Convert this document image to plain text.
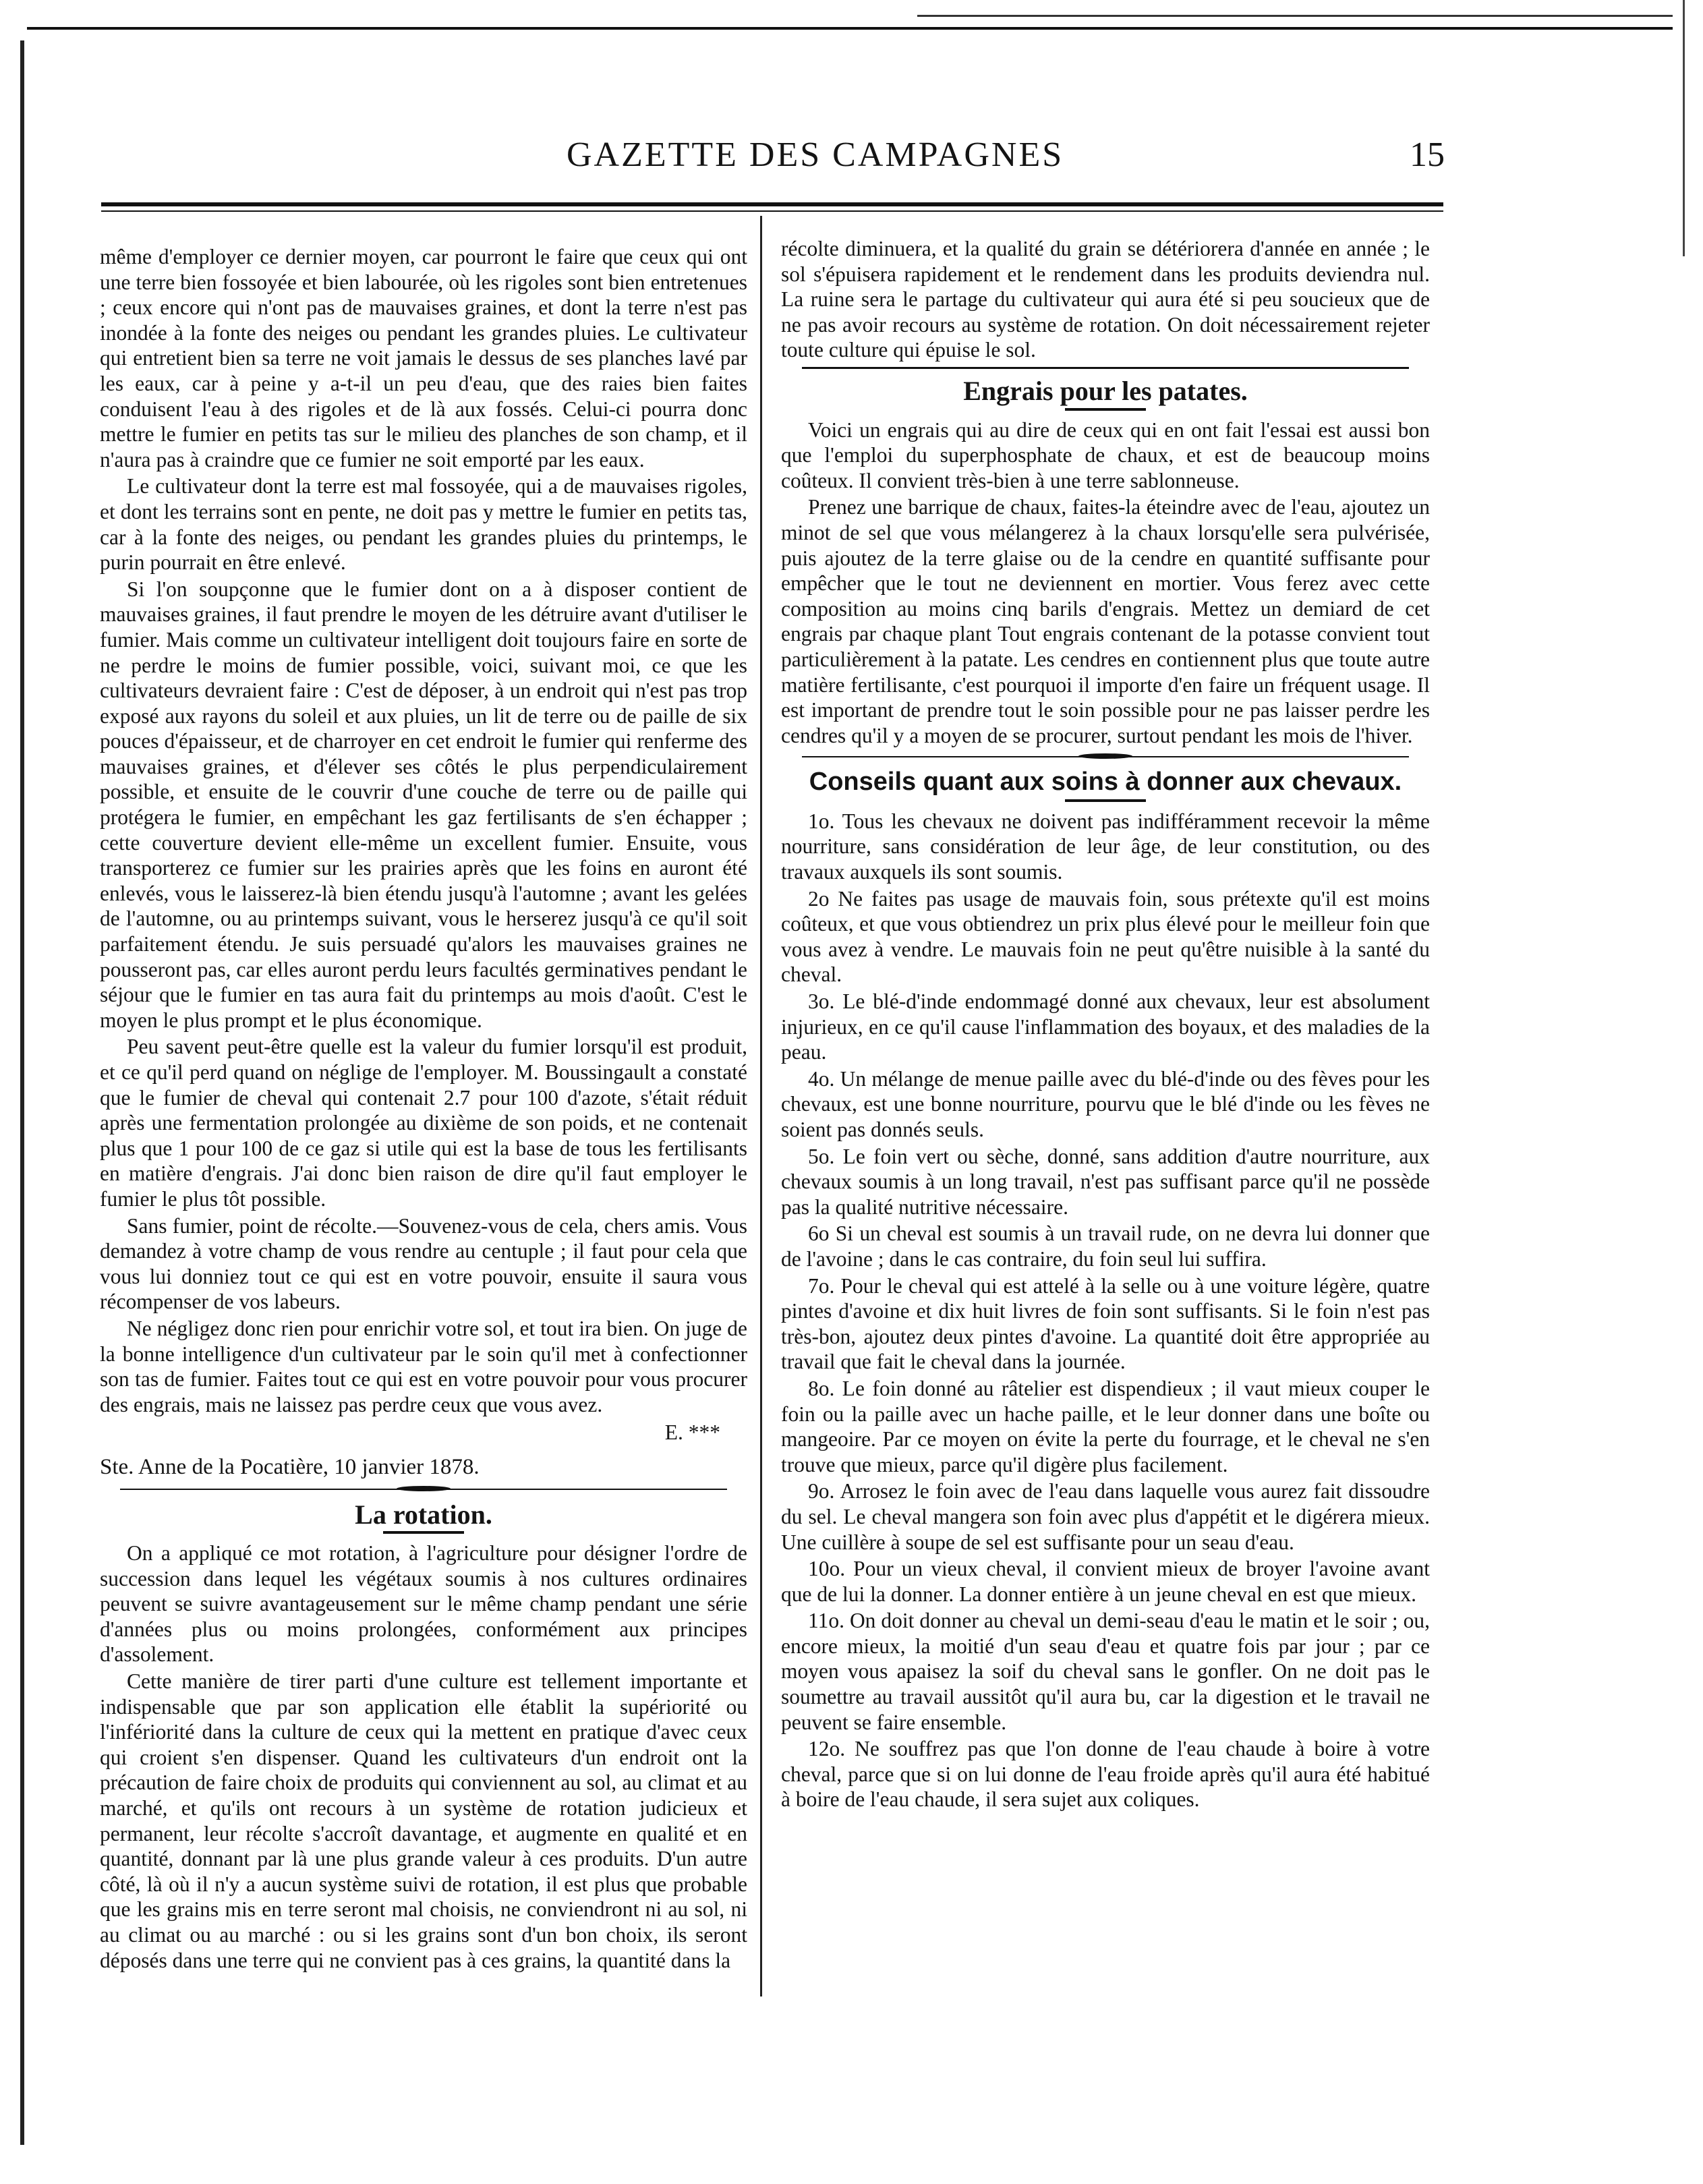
GAZETTE DES CAMPAGNES	15

même d'employer ce dernier moyen, car pourront le faire que ceux qui ont une terre bien fossoyée et bien labourée, où les rigoles sont bien entretenues ; ceux encore qui n'ont pas de mauvaises graines, et dont la terre n'est pas inondée à la fonte des neiges ou pendant les grandes pluies. Le cultivateur qui entretient bien sa terre ne voit jamais le dessus de ses planches lavé par les eaux, car à peine y a-t-il un peu d'eau, que des raies bien faites conduisent l'eau à des rigoles et de là aux fossés. Celui-ci pourra donc mettre le fumier en petits tas sur le milieu des planches de son champ, et il n'aura pas à craindre que ce fumier ne soit emporté par les eaux.

Le cultivateur dont la terre est mal fossoyée, qui a de mauvaises rigoles, et dont les terrains sont en pente, ne doit pas y mettre le fumier en petits tas, car à la fonte des neiges, ou pendant les grandes pluies du printemps, le purin pourrait en être enlevé.

Si l'on soupçonne que le fumier dont on a à disposer contient de mauvaises graines, il faut prendre le moyen de les détruire avant d'utiliser le fumier. Mais comme un cultivateur intelligent doit toujours faire en sorte de ne perdre le moins de fumier possible, voici, suivant moi, ce que les cultivateurs devraient faire : C'est de déposer, à un endroit qui n'est pas trop exposé aux rayons du soleil et aux pluies, un lit de terre ou de paille de six pouces d'épaisseur, et de charroyer en cet endroit le fumier qui renferme des mauvaises graines, et d'élever ses côtés le plus perpendiculairement possible, et ensuite de le couvrir d'une couche de terre ou de paille qui protégera le fumier, en empêchant les gaz fertilisants de s'en échapper ; cette couverture devient elle-même un excellent fumier. Ensuite, vous transporterez ce fumier sur les prairies après que les foins en auront été enlevés, vous le laisserez-là bien étendu jusqu'à l'automne ; avant les gelées de l'automne, ou au printemps suivant, vous le herserez jusqu'à ce qu'il soit parfaitement étendu. Je suis persuadé qu'alors les mauvaises graines ne pousseront pas, car elles auront perdu leurs facultés germinatives pendant le séjour que le fumier en tas aura fait du printemps au mois d'août. C'est le moyen le plus prompt et le plus économique.

Peu savent peut-être quelle est la valeur du fumier lorsqu'il est produit, et ce qu'il perd quand on néglige de l'employer. M. Boussingault a constaté que le fumier de cheval qui contenait 2.7 pour 100 d'azote, s'était réduit après une fermentation prolongée au dixième de son poids, et ne contenait plus que 1 pour 100 de ce gaz si utile qui est la base de tous les fertilisants en matière d'engrais. J'ai donc bien raison de dire qu'il faut employer le fumier le plus tôt possible.

Sans fumier, point de récolte.—Souvenez-vous de cela, chers amis. Vous demandez à votre champ de vous rendre au centuple ; il faut pour cela que vous lui donniez tout ce qui est en votre pouvoir, ensuite il saura vous récompenser de vos labeurs.

Ne négligez donc rien pour enrichir votre sol, et tout ira bien. On juge de la bonne intelligence d'un cultivateur par le soin qu'il met à confectionner son tas de fumier. Faites tout ce qui est en votre pouvoir pour vous procurer des engrais, mais ne laissez pas perdre ceux que vous avez.

E. ***
Ste. Anne de la Pocatière, 10 janvier 1878.
La rotation.

On a appliqué ce mot rotation, à l'agriculture pour désigner l'ordre de succession dans lequel les végétaux soumis à nos cultures ordinaires peuvent se suivre avantageusement sur le même champ pendant une série d'années plus ou moins prolongées, conformément aux principes d'assolement.

Cette manière de tirer parti d'une culture est tellement importante et indispensable que par son application elle établit la supériorité ou l'infériorité dans la culture de ceux qui la mettent en pratique d'avec ceux qui croient s'en dispenser. Quand les cultivateurs d'un endroit ont la précaution de faire choix de produits qui conviennent au sol, au climat et au marché, et qu'ils ont recours à un système de rotation judicieux et permanent, leur récolte s'accroît davantage, et augmente en qualité et en quantité, donnant par là une plus grande valeur à ces produits. D'un autre côté, là où il n'y a aucun système suivi de rotation, il est plus que probable que les grains mis en terre seront mal choisis, ne conviendront ni au sol, ni au climat ou au marché : ou si les grains sont d'un bon choix, ils seront déposés dans une terre qui ne convient pas à ces grains, la quantité dans la

récolte diminuera, et la qualité du grain se détériorera d'année en année ; le sol s'épuisera rapidement et le rendement dans les produits deviendra nul. La ruine sera le partage du cultivateur qui aura été si peu soucieux que de ne pas avoir recours au système de rotation. On doit nécessairement rejeter toute culture qui épuise le sol.

Engrais pour les patates.

Voici un engrais qui au dire de ceux qui en ont fait l'essai est aussi bon que l'emploi du superphosphate de chaux, et est de beaucoup moins coûteux. Il convient très-bien à une terre sablonneuse.

Prenez une barrique de chaux, faites-la éteindre avec de l'eau, ajoutez un minot de sel que vous mélangerez à la chaux lorsqu'elle sera pulvérisée, puis ajoutez de la terre glaise ou de la cendre en quantité suffisante pour empêcher que le tout ne deviennent en mortier. Vous ferez avec cette composition au moins cinq barils d'engrais. Mettez un demiard de cet engrais par chaque plant Tout engrais contenant de la potasse convient tout particulièrement à la patate. Les cendres en contiennent plus que toute autre matière fertilisante, c'est pourquoi il importe d'en faire un fréquent usage. Il est important de prendre tout le soin possible pour ne pas laisser perdre les cendres qu'il y a moyen de se procurer, surtout pendant les mois de l'hiver.

Conseils quant aux soins à donner aux chevaux.

1o. Tous les chevaux ne doivent pas indifféramment recevoir la même nourriture, sans considération de leur âge, de leur constitution, ou des travaux auxquels ils sont soumis.

2o Ne faites pas usage de mauvais foin, sous prétexte qu'il est moins coûteux, et que vous obtiendrez un prix plus élevé pour le meilleur foin que vous avez à vendre. Le mauvais foin ne peut qu'être nuisible à la santé du cheval.

3o. Le blé-d'inde endommagé donné aux chevaux, leur est absolument injurieux, en ce qu'il cause l'inflammation des boyaux, et des maladies de la peau.

4o. Un mélange de menue paille avec du blé-d'inde ou des fèves pour les chevaux, est une bonne nourriture, pourvu que le blé d'inde ou les fèves ne soient pas donnés seuls.

5o. Le foin vert ou sèche, donné, sans addition d'autre nourriture, aux chevaux soumis à un long travail, n'est pas suffisant parce qu'il ne possède pas la qualité nutritive nécessaire.

6o Si un cheval est soumis à un travail rude, on ne devra lui donner que de l'avoine ; dans le cas contraire, du foin seul lui suffira.

7o. Pour le cheval qui est attelé à la selle ou à une voiture légère, quatre pintes d'avoine et dix huit livres de foin sont suffisants. Si le foin n'est pas très-bon, ajoutez deux pintes d'avoine. La quantité doit être appropriée au travail que fait le cheval dans la journée.

8o. Le foin donné au râtelier est dispendieux ; il vaut mieux couper le foin ou la paille avec un hache paille, et le leur donner dans une boîte ou mangeoire. Par ce moyen on évite la perte du fourrage, et le cheval ne s'en trouve que mieux, parce qu'il digère plus facilement.

9o. Arrosez le foin avec de l'eau dans laquelle vous aurez fait dissoudre du sel. Le cheval mangera son foin avec plus d'appétit et le digérera mieux. Une cuillère à soupe de sel est suffisante pour un seau d'eau.

10o. Pour un vieux cheval, il convient mieux de broyer l'avoine avant que de lui la donner. La donner entière à un jeune cheval en est que mieux.

11o. On doit donner au cheval un demi-seau d'eau le matin et le soir ; ou, encore mieux, la moitié d'un seau d'eau et quatre fois par jour ; par ce moyen vous apaisez la soif du cheval sans le gonfler. On ne doit pas le soumettre au travail aussitôt qu'il aura bu, car la digestion et le travail ne peuvent se faire ensemble.

12o. Ne souffrez pas que l'on donne de l'eau chaude à boire à votre cheval, parce que si on lui donne de l'eau froide après qu'il aura été habitué à boire de l'eau chaude, il sera sujet aux coliques.
